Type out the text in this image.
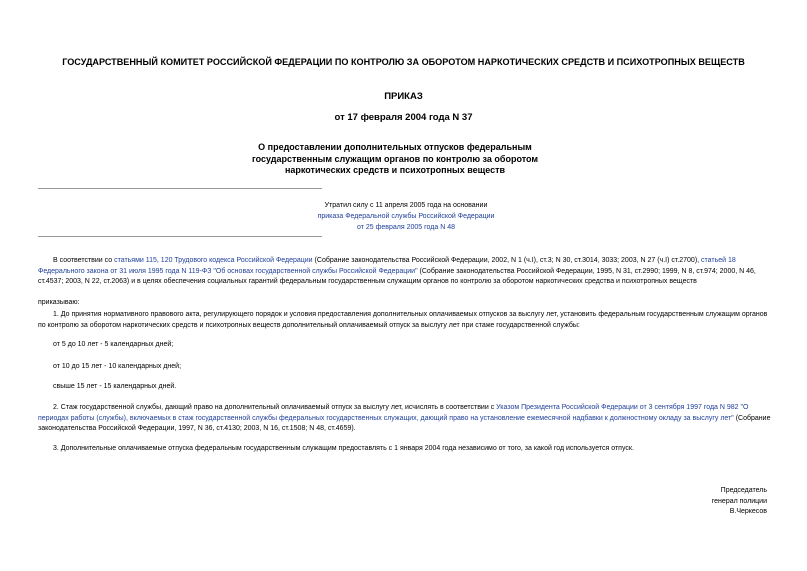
ГОСУДАРСТВЕННЫЙ КОМИТЕТ РОССИЙСКОЙ ФЕДЕРАЦИИ ПО КОНТРОЛЮ ЗА ОБОРОТОМ НАРКОТИЧЕСКИХ СРЕДСТВ И ПСИХОТРОПНЫХ ВЕЩЕСТВ
ПРИКАЗ
от 17 февраля 2004 года N 37
О предоставлении дополнительных отпусков федеральным
государственным служащим органов по контролю за оборотом
наркотических средств и психотропных веществ
Утратил силу с 11 апреля 2005 года на основании
приказа Федеральной службы Российской Федерации
от 25 февраля 2005 года N 48
В соответствии со статьями 115, 120 Трудового кодекса Российской Федерации (Собрание законодательства Российской Федерации, 2002, N 1 (ч.I), ст.3; N 30, ст.3014, 3033; 2003, N 27 (ч.I) ст.2700), статьей 18 Федерального закона от 31 июля 1995 года N 119-ФЗ "Об основах государственной службы Российской Федерации" (Собрание законодательства Российской Федерации, 1995, N 31, ст.2990; 1999, N 8, ст.974; 2000, N 46, ст.4537; 2003, N 22, ст.2063) и в целях обеспечения социальных гарантий федеральным государственным служащим органов по контролю за оборотом наркотических средства и психотропных веществ
приказываю:
1. До принятия нормативного правового акта, регулирующего порядок и условия предоставления дополнительных оплачиваемых отпусков за выслугу лет, установить федеральным государственным служащим органов по контролю за оборотом наркотических средств и психотропных веществ дополнительный оплачиваемый отпуск за выслугу лет при стаже государственной службы:
от 5 до 10 лет - 5 календарных дней;
от 10 до 15 лет - 10 календарных дней;
свыше 15 лет - 15 календарных дней.
2. Стаж государственной службы, дающий право на дополнительный оплачиваемый отпуск за выслугу лет, исчислять в соответствии с Указом Президента Российской Федерации от 3 сентября 1997 года N 982 "О периодах работы (службы), включаемых в стаж государственной службы федеральных государственных служащих, дающий право на установление ежемесячной надбавки к должностному окладу за выслугу лет" (Собрание законодательства Российской Федерации, 1997, N 36, ст.4130; 2003, N 16, ст.1508; N 48, ст.4659).
3. Дополнительные оплачиваемые отпуска федеральным государственным служащим предоставлять с 1 января 2004 года независимо от того, за какой год используется отпуск.
Председатель
генерал полиции
В.Черкесов
